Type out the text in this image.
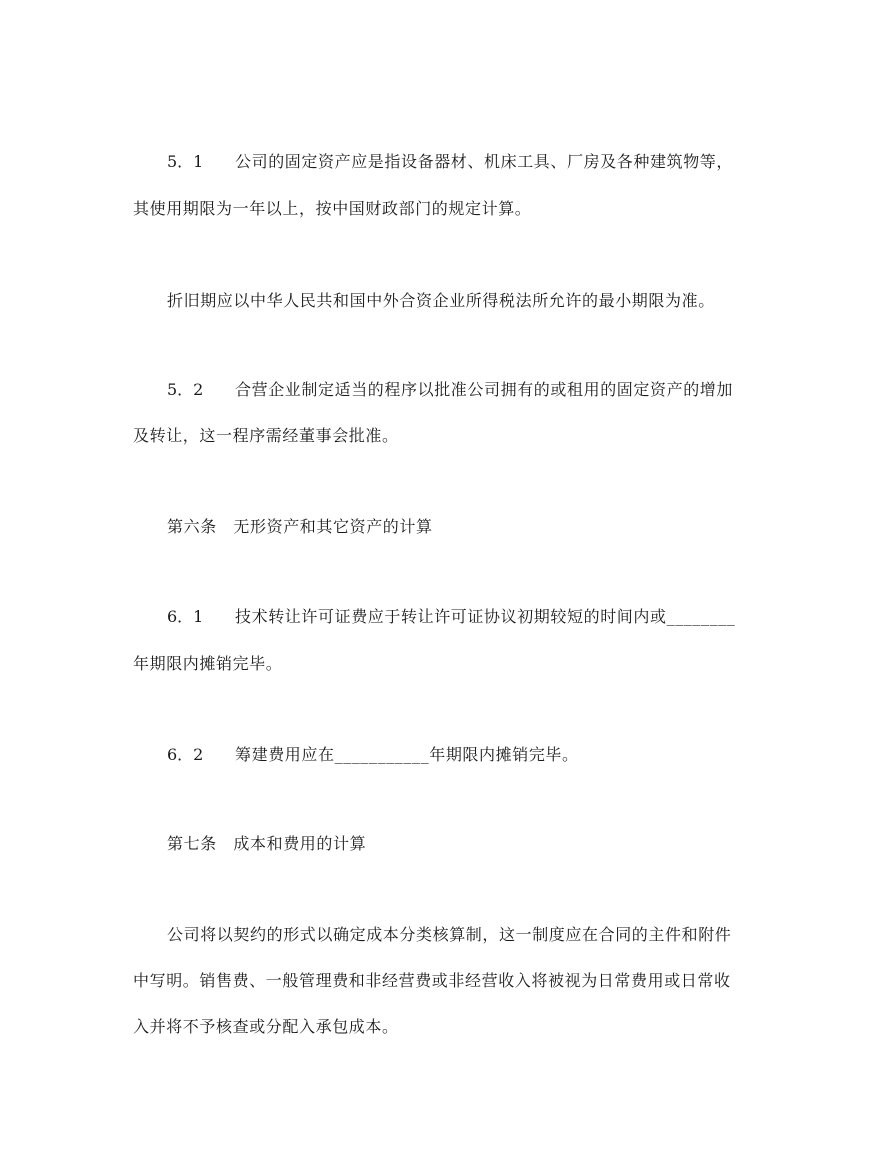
5．1 公司的固定资产应是指设备器材、机床工具、厂房及各种建筑物等，
其使用期限为一年以上，按中国财政部门的规定计算。
折旧期应以中华人民共和国中外合资企业所得税法所允许的最小期限为准。
5．2 合营企业制定适当的程序以批准公司拥有的或租用的固定资产的增加
及转让，这一程序需经董事会批准。
第六条　无形资产和其它资产的计算
6．1 技术转让许可证费应于转让许可证协议初期较短的时间内或________
年期限内摊销完毕。
6．2 筹建费用应在___________年期限内摊销完毕。
第七条　成本和费用的计算
公司将以契约的形式以确定成本分类核算制，这一制度应在合同的主件和附件
中写明。销售费、一般管理费和非经营费或非经营收入将被视为日常费用或日常收
入并将不予核查或分配入承包成本。
